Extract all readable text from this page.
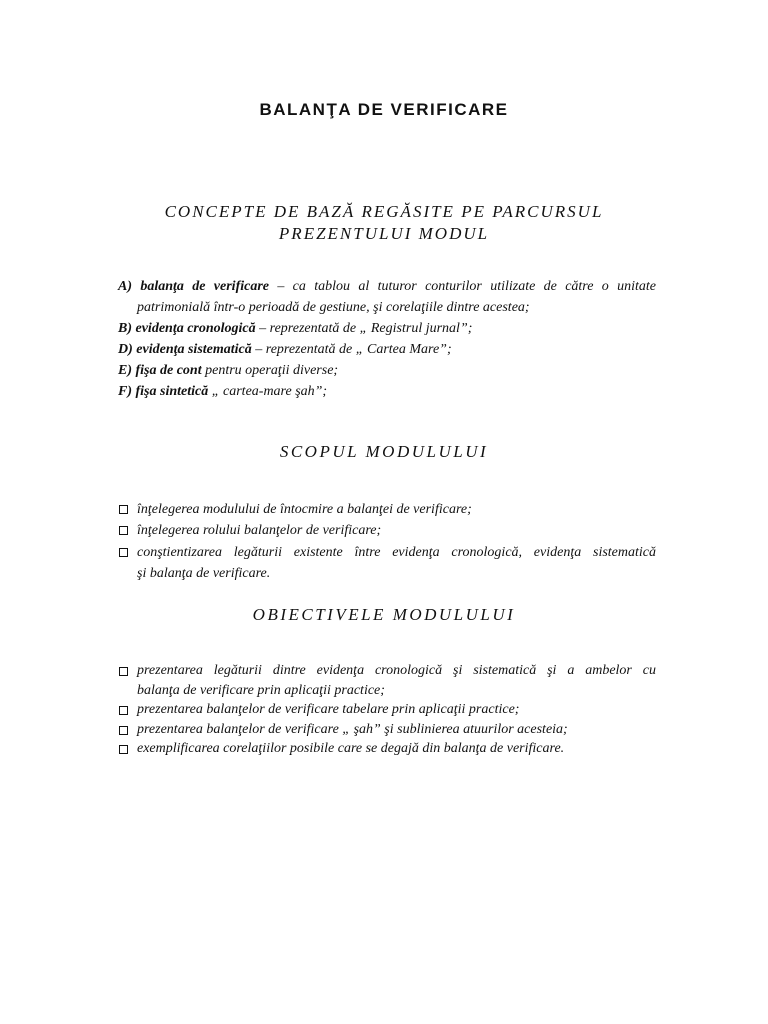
BALANŢA DE VERIFICARE
CONCEPTE DE BAZĂ REGĂSITE PE PARCURSUL
PREZENTULUI MODUL
A) balanţa de verificare – ca tablou al tuturor conturilor utilizate de către o unitate
patrimonială într-o perioadă de gestiune, şi corelaţiile dintre acestea;
B) evidenţa cronologică – reprezentată de „ Registrul jurnal”;
D) evidenţa sistematică – reprezentată de „ Cartea Mare”;
E) fişa de cont pentru operaţii diverse;
F) fişa sintetică „ cartea-mare şah”;
SCOPUL MODULULUI
înţelegerea modulului de întocmire a balanţei de verificare;
înţelegerea rolului balanţelor de verificare;
conştientizarea legăturii existente între evidenţa cronologică, evidenţa sistematică
şi balanţa de verificare.
OBIECTIVELE MODULULUI
prezentarea legăturii dintre evidenţa cronologică şi sistematică şi a ambelor cu
balanţa de verificare prin aplicaţii practice;
prezentarea balanţelor de verificare tabelare prin aplicaţii practice;
prezentarea balanţelor de verificare „ şah” şi sublinierea atuurilor acesteia;
exemplificarea corelaţiilor posibile care se degajă din balanţa de verificare.
